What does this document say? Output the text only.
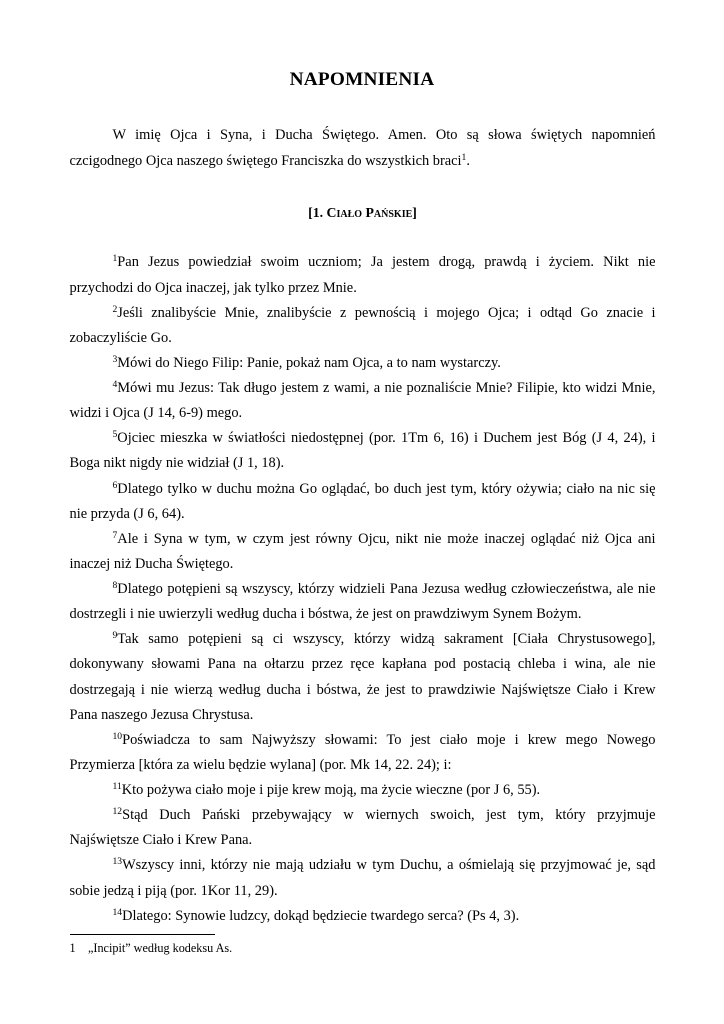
NAPOMNIENIA
W imię Ojca i Syna, i Ducha Świętego. Amen. Oto są słowa świętych napomnień
czcigodnego Ojca naszego świętego Franciszka do wszystkich braci$^1$.
[1. Ciało Pańskie]
$^1$Pan Jezus powiedział swoim uczniom; Ja jestem drogą, prawdą i życiem. Nikt nie
przychodzi do Ojca inaczej, jak tylko przez Mnie.
$^2$Jeśli znalibyście Mnie, znalibyście z pewnością i mojego Ojca; i odtąd Go znacie i
zobaczyliście Go.
$^3$Mówi do Niego Filip: Panie, pokaż nam Ojca, a to nam wystarczy.
$^4$Mówi mu Jezus: Tak długo jestem z wami, a nie poznaliście Mnie? Filipie, kto widzi Mnie,
widzi i Ojca (J 14, 6-9) mego.
$^5$Ojciec mieszka w światłości niedostępnej (por. 1Tm 6, 16) i Duchem jest Bóg (J 4, 24), i
Boga nikt nigdy nie widział (J 1, 18).
$^6$Dlatego tylko w duchu można Go oglądać, bo duch jest tym, który ożywia; ciało na nic się
nie przyda (J 6, 64).
$^7$Ale i Syna w tym, w czym jest równy Ojcu, nikt nie może inaczej oglądać niż Ojca ani
inaczej niż Ducha Świętego.
$^8$Dlatego potępieni są wszyscy, którzy widzieli Pana Jezusa według człowieczeństwa, ale nie
dostrzegli i nie uwierzyli według ducha i bóstwa, że jest on prawdziwym Synem Bożym.
$^9$Tak samo potępieni są ci wszyscy, którzy widzą sakrament [Ciała Chrystusowego],
dokonywany słowami Pana na ołtarzu przez ręce kapłana pod postacią chleba i wina, ale nie
dostrzegają i nie wierzą według ducha i bóstwa, że jest to prawdziwie Najświętsze Ciało i Krew
Pana naszego Jezusa Chrystusa.
$^{10}$Poświadcza to sam Najwyższy słowami: To jest ciało moje i krew mego Nowego
Przymierza [która za wielu będzie wylana] (por. Mk 14, 22. 24); i:
$^{11}$Kto pożywa ciało moje i pije krew moją, ma życie wieczne (por J 6, 55).
$^{12}$Stąd Duch Pański przebywający w wiernych swoich, jest tym, który przyjmuje
Najświętsze Ciało i Krew Pana.
$^{13}$Wszyscy inni, którzy nie mają udziału w tym Duchu, a ośmielają się przyjmować je, sąd
sobie jedzą i piją (por. 1Kor 11, 29).
$^{14}$Dlatego: Synowie ludzcy, dokąd będziecie twardego serca? (Ps 4, 3).
1 „Incipit” według kodeksu As.
